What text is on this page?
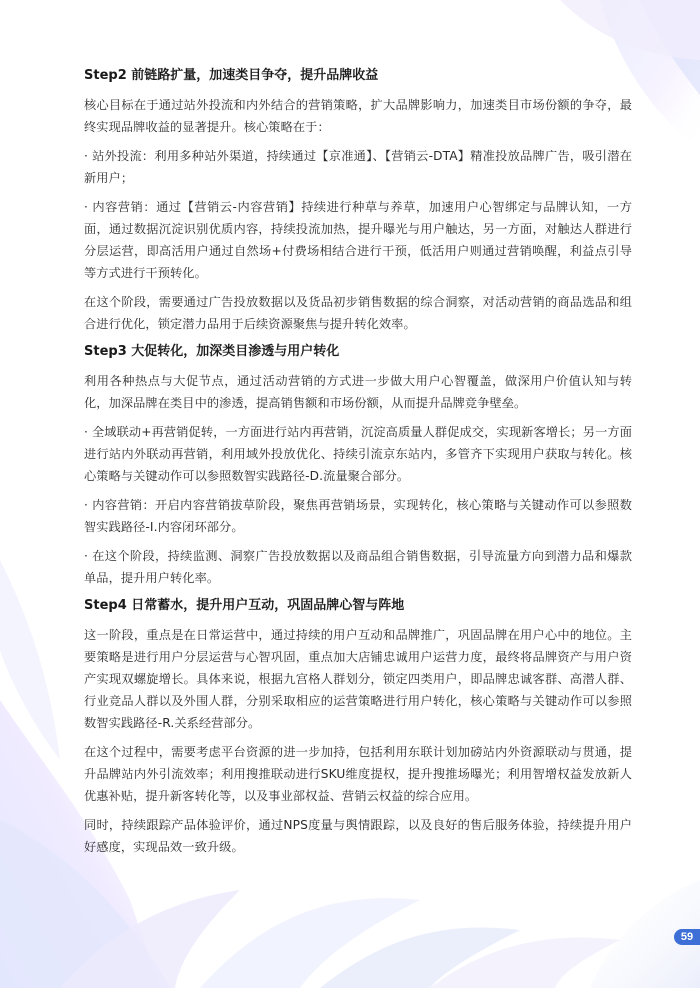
Step2 前链路扩量，加速类目争夺，提升品牌收益
核心目标在于通过站外投流和内外结合的营销策略，扩大品牌影响力，加速类目市场份额的争夺，最终实现品牌收益的显著提升。核心策略在于：
· 站外投流：利用多种站外渠道，持续通过【京准通】、【营销云-DTA】精准投放品牌广告，吸引潜在新用户；
· 内容营销：通过【营销云-内容营销】持续进行种草与养草，加速用户心智绑定与品牌认知，一方面，通过数据沉淀识别优质内容，持续投流加热，提升曝光与用户触达，另一方面，对触达人群进行分层运营，即高活用户通过自然场+付费场相结合进行干预，低活用户则通过营销唤醒，利益点引导等方式进行干预转化。
在这个阶段，需要通过广告投放数据以及货品初步销售数据的综合洞察，对活动营销的商品选品和组合进行优化，锁定潜力品用于后续资源聚焦与提升转化效率。
Step3 大促转化，加深类目渗透与用户转化
利用各种热点与大促节点，通过活动营销的方式进一步做大用户心智覆盖，做深用户价值认知与转化，加深品牌在类目中的渗透，提高销售额和市场份额，从而提升品牌竞争壁垒。
· 全域联动+再营销促转，一方面进行站内再营销，沉淀高质量人群促成交，实现新客增长；另一方面进行站内外联动再营销，利用域外投放优化、持续引流京东站内，多管齐下实现用户获取与转化。核心策略与关键动作可以参照数智实践路径-D.流量聚合部分。
· 内容营销：开启内容营销拔草阶段，聚焦再营销场景，实现转化，核心策略与关键动作可以参照数智实践路径-I.内容闭环部分。
· 在这个阶段，持续监测、洞察广告投放数据以及商品组合销售数据，引导流量方向到潜力品和爆款单品，提升用户转化率。
Step4 日常蓄水，提升用户互动，巩固品牌心智与阵地
这一阶段，重点是在日常运营中，通过持续的用户互动和品牌推广，巩固品牌在用户心中的地位。主要策略是进行用户分层运营与心智巩固，重点加大店铺忠诚用户运营力度，最终将品牌资产与用户资产实现双螺旋增长。具体来说，根据九宫格人群划分，锁定四类用户，即品牌忠诚客群、高潜人群、行业竞品人群以及外围人群，分别采取相应的运营策略进行用户转化，核心策略与关键动作可以参照数智实践路径-R.关系经营部分。
在这个过程中，需要考虑平台资源的进一步加持，包括利用东联计划加磅站内外资源联动与贯通，提升品牌站内外引流效率；利用搜推联动进行SKU维度提权，提升搜推场曝光；利用智增权益发放新人优惠补贴，提升新客转化等，以及事业部权益、营销云权益的综合应用。
同时，持续跟踪产品体验评价，通过NPS度量与舆情跟踪，以及良好的售后服务体验，持续提升用户好感度，实现品效一致升级。
59
